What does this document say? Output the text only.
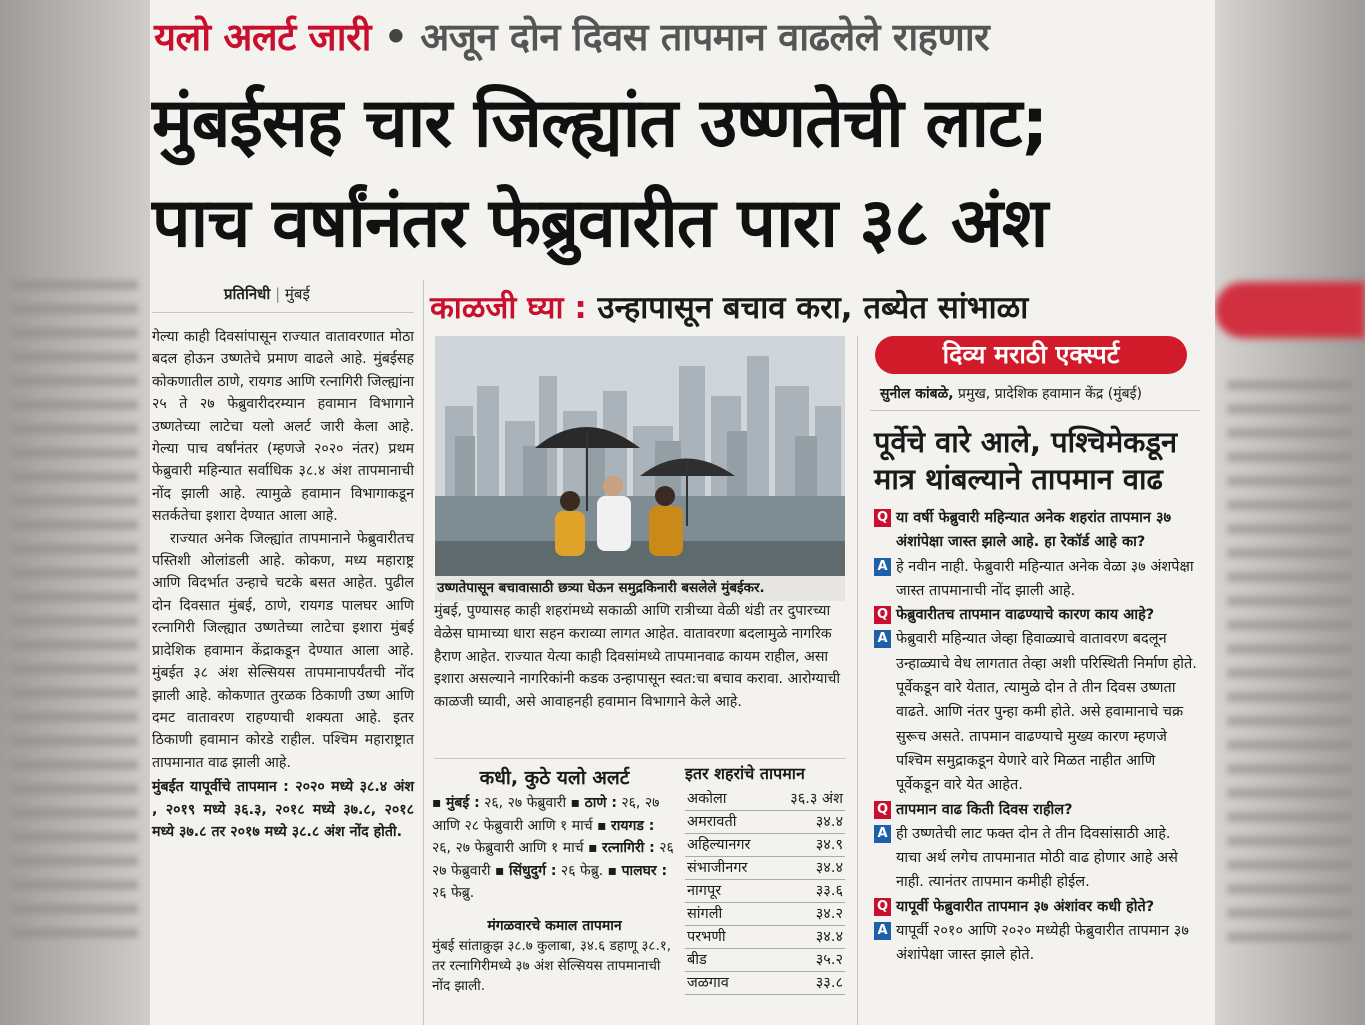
यलो अलर्ट जारी • अजून दोन दिवस तापमान वाढलेले राहणार
मुंबईसह चार जिल्ह्यांत उष्णतेची लाट;
पाच वर्षांनंतर फेब्रुवारीत पारा ३८ अंश
प्रतिनिधी | मुंबई

गेल्या काही दिवसांपासून राज्यात वातावरणात मोठा बदल होऊन उष्णतेचे प्रमाण वाढले आहे. मुंबईसह कोकणातील ठाणे, रायगड आणि रत्नागिरी जिल्ह्यांना २५ ते २७ फेब्रुवारीदरम्यान हवामान विभागाने उष्णतेच्या लाटेचा यलो अलर्ट जारी केला आहे. गेल्या पाच वर्षांनंतर (म्हणजे २०२० नंतर) प्रथम फेब्रुवारी महिन्यात सर्वाधिक ३८.४ अंश तापमानाची नोंद झाली आहे. त्यामुळे हवामान विभागाकडून सतर्कतेचा इशारा देण्यात आला आहे.

राज्यात अनेक जिल्ह्यांत तापमानाने फेब्रुवारीतच पस्तिशी ओलांडली आहे. कोकण, मध्य महाराष्ट्र आणि विदर्भात उन्हाचे चटके बसत आहेत. पुढील दोन दिवसात मुंबई, ठाणे, रायगड पालघर आणि रत्नागिरी जिल्ह्यात उष्णतेच्या लाटेचा इशारा मुंबई प्रादेशिक हवामान केंद्राकडून देण्यात आला आहे. मुंबईत ३८ अंश सेल्सियस तापमानापर्यंतची नोंद झाली आहे. कोकणात तुरळक ठिकाणी उष्ण आणि दमट वातावरण राहण्याची शक्यता आहे. इतर ठिकाणी हवामान कोरडे राहील. पश्चिम महाराष्ट्रात तापमानात वाढ झाली आहे.

मुंबईत यापूर्वीचे तापमान : २०२० मध्ये ३८.४ अंश , २०१९ मध्ये ३६.३, २०१८ मध्ये ३७.८, २०१८ मध्ये ३७.८ तर २०१७ मध्ये ३८.८ अंश नोंद होती.

काळजी घ्या : उन्हापासून बचाव करा, तब्येत सांभाळा
उष्णतेपासून बचावासाठी छत्र्या घेऊन समुद्रकिनारी बसलेले मुंबईकर.
मुंबई, पुण्यासह काही शहरांमध्ये सकाळी आणि रात्रीच्या वेळी थंडी तर दुपारच्या वेळेस घामाच्या धारा सहन कराव्या लागत आहेत. वातावरणा बदलामुळे नागरिक हैराण आहेत. राज्यात येत्या काही दिवसांमध्ये तापमानवाढ कायम राहील, असा इशारा असल्याने नागरिकांनी कडक उन्हापासून स्वत:चा बचाव करावा. आरोग्याची काळजी घ्यावी, असे आवाहनही हवामान विभागाने केले आहे.
कधी, कुठे यलो अलर्ट
▪ मुंबई : २६, २७ फेब्रुवारी ▪ ठाणे : २६, २७ आणि २८ फेब्रुवारी आणि १ मार्च ▪ रायगड : २६, २७ फेब्रुवारी आणि १ मार्च ▪ रत्नागिरी : २६ २७ फेब्रुवारी ▪ सिंधुदुर्ग : २६ फेब्रु. ▪ पालघर : २६ फेब्रु.
मंगळवारचे कमाल तापमान
मुंबई सांताक्रुझ ३८.७ कुलाबा, ३४.६ डहाणू ३८.१, तर रत्नागिरीमध्ये ३७ अंश सेल्सियस तापमानाची नोंद झाली.
इतर शहरांचे तापमान
अकोला	३६.३ अंश
अमरावती	३४.४
अहिल्यानगर	३४.९
संभाजीनगर	३४.४
नागपूर	३३.६
सांगली	३४.२
परभणी	३४.४
बीड	३५.२
जळगाव	३३.८
दिव्य मराठी एक्स्पर्ट
सुनील कांबळे, प्रमुख, प्रादेशिक हवामान केंद्र (मुंबई)
पूर्वेचे वारे आले, पश्चिमेकडून मात्र थांबल्याने तापमान वाढ
Q या वर्षी फेब्रुवारी महिन्यात अनेक शहरांत तापमान ३७ अंशांपेक्षा जास्त झाले आहे. हा रेकॉर्ड आहे का?
A हे नवीन नाही. फेब्रुवारी महिन्यात अनेक वेळा ३७ अंशपेक्षा जास्त तापमानाची नोंद झाली आहे.
Q फेब्रुवारीतच तापमान वाढण्याचे कारण काय आहे?
A फेब्रुवारी महिन्यात जेव्हा हिवाळ्याचे वातावरण बदलून उन्हाळ्याचे वेध लागतात तेव्हा अशी परिस्थिती निर्माण होते. पूर्वेकडून वारे येतात, त्यामुळे दोन ते तीन दिवस उष्णता वाढते. आणि नंतर पुन्हा कमी होते. असे हवामानाचे चक्र सुरूच असते. तापमान वाढण्याचे मुख्य कारण म्हणजे पश्चिम समुद्राकडून येणारे वारे मिळत नाहीत आणि पूर्वेकडून वारे येत आहेत.
Q तापमान वाढ किती दिवस राहील?
A ही उष्णतेची लाट फक्त दोन ते तीन दिवसांसाठी आहे. याचा अर्थ लगेच तापमानात मोठी वाढ होणार आहे असे नाही. त्यानंतर तापमान कमीही होईल.
Q यापूर्वी फेब्रुवारीत तापमान ३७ अंशांवर कधी होते?
A यापूर्वी २०१० आणि २०२० मध्येही फेब्रुवारीत तापमान ३७ अंशांपेक्षा जास्त झाले होते.
